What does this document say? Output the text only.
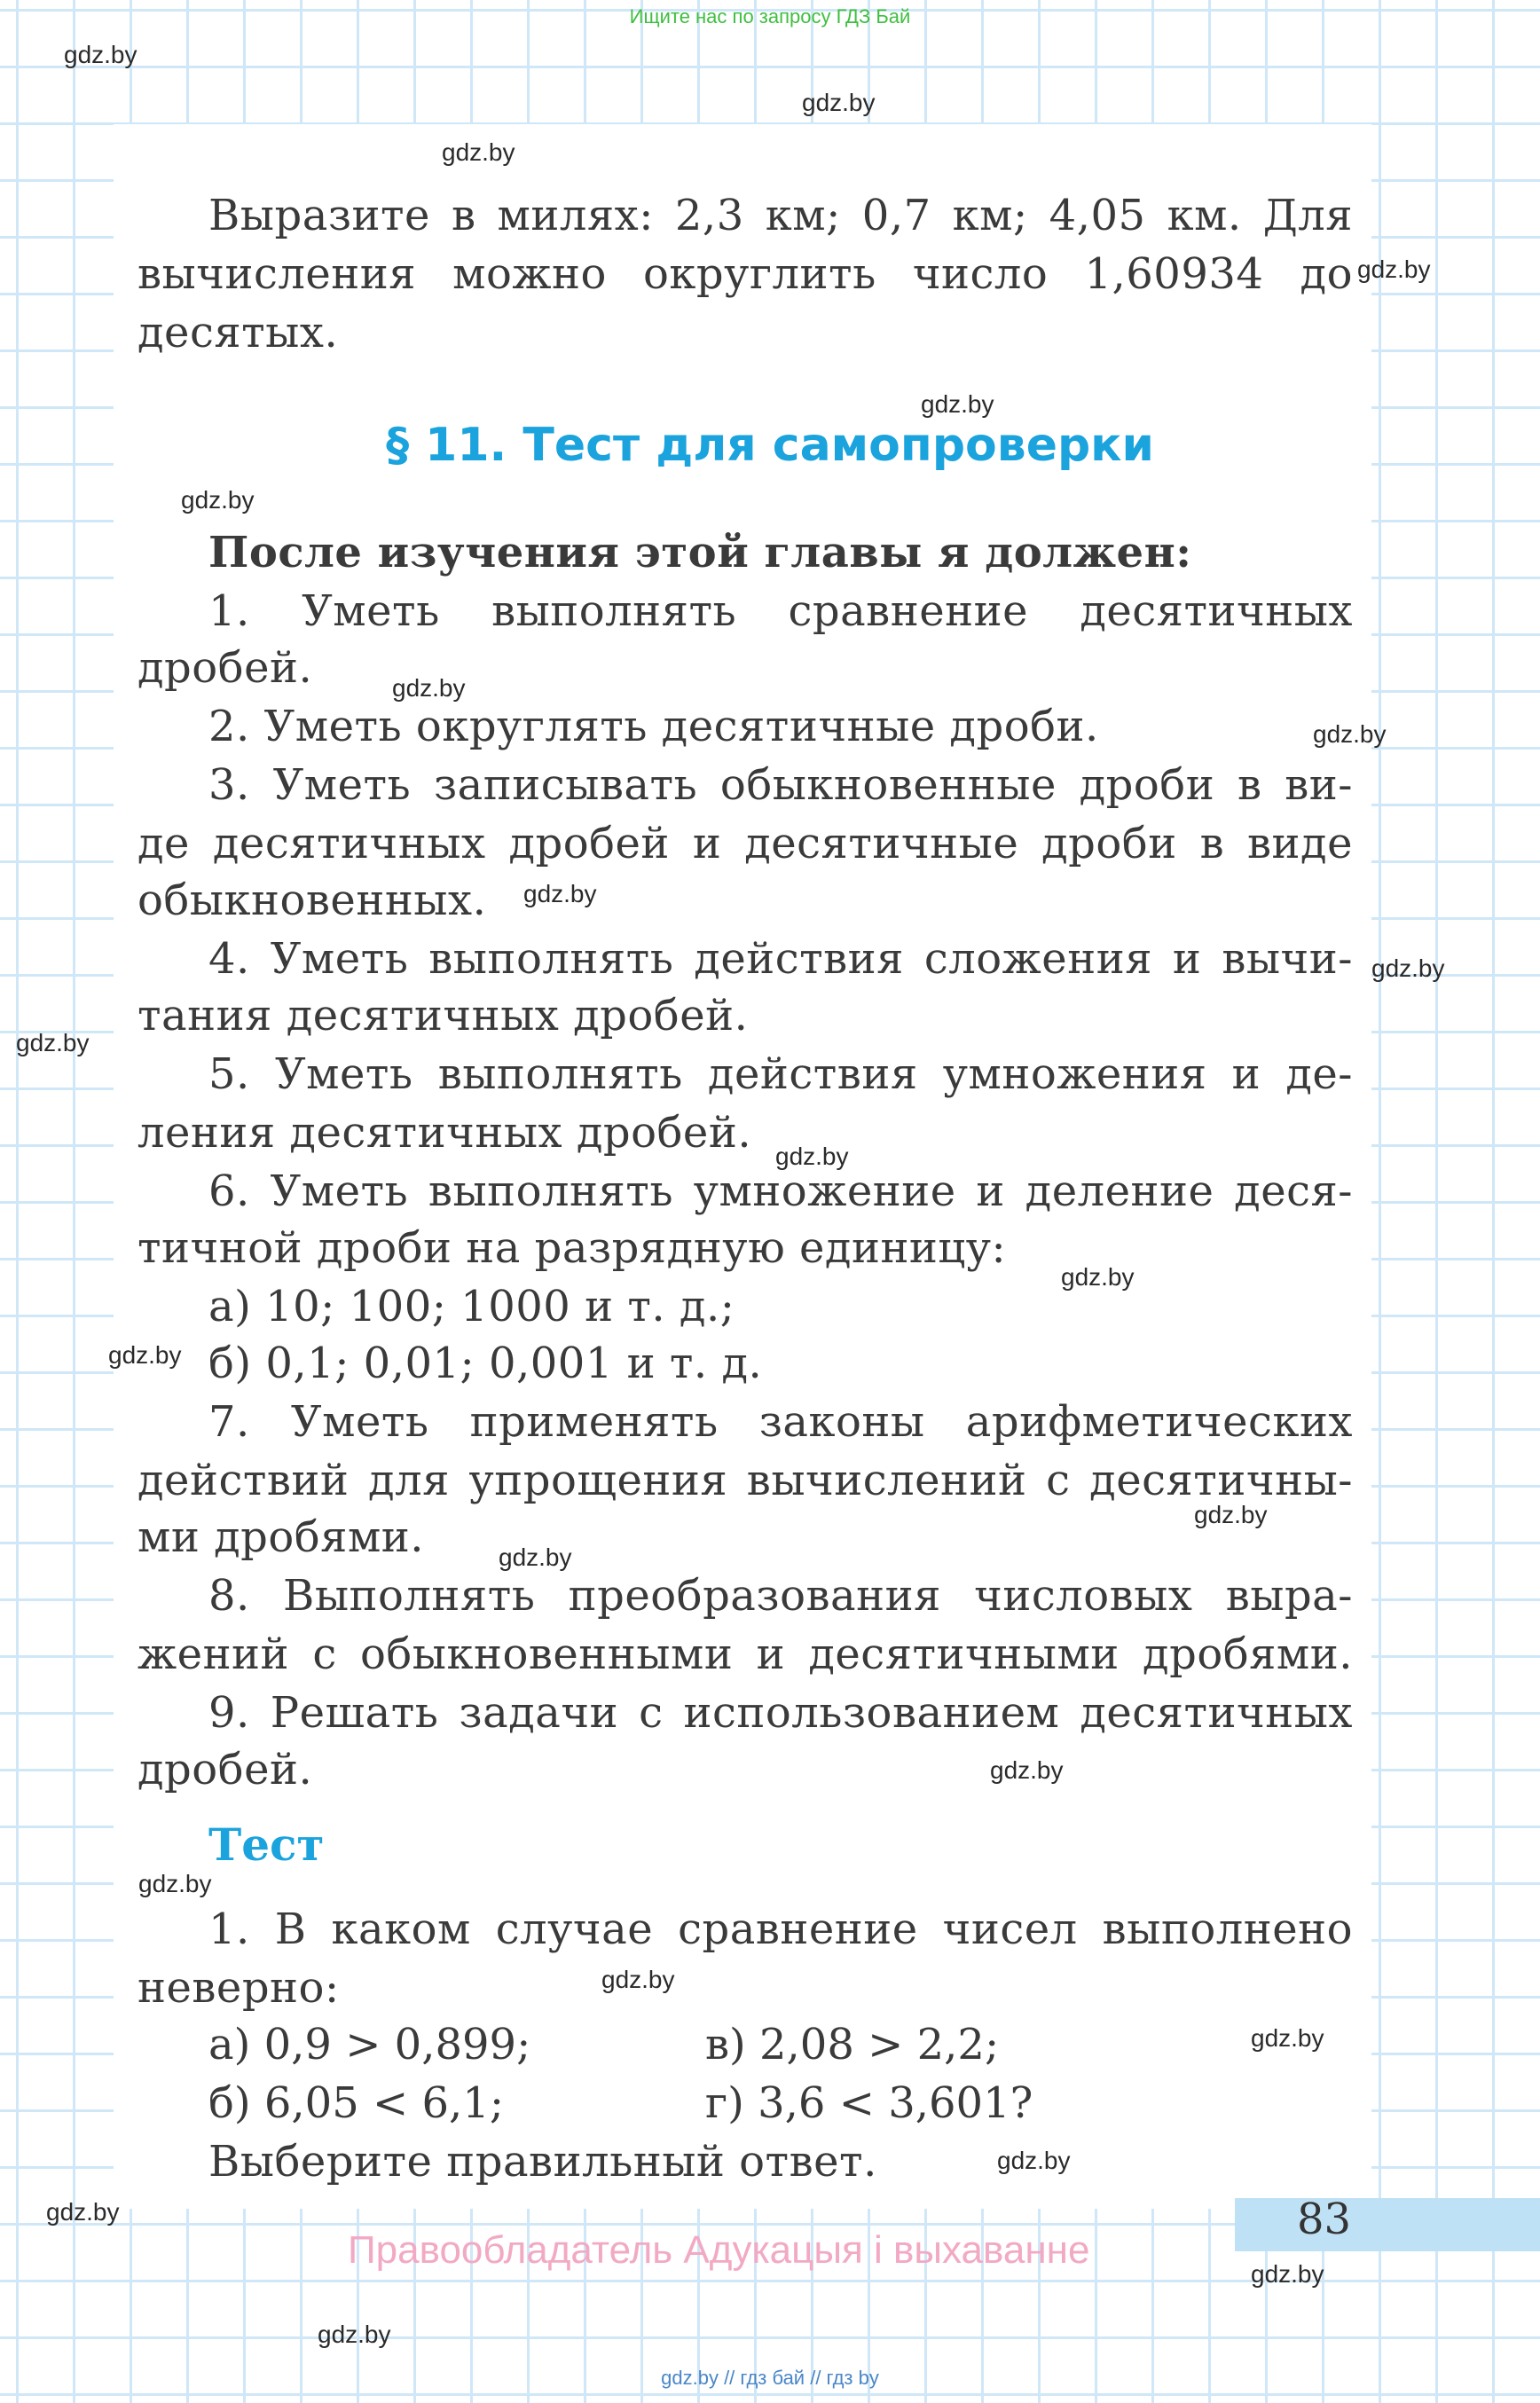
Ищите нас по запросу ГДЗ Бай
Выразите в милях: 2,3 км; 0,7 км; 4,05 км. Для
вычисления можно округлить число 1,60934 до
десятых.
§ 11. Тест для самопроверки
После изучения этой главы я должен:
1. Уметь выполнять сравнение десятичных
дробей.
2. Уметь округлять десятичные дроби.
3. Уметь записывать обыкновенные дроби в ви-
де десятичных дробей и десятичные дроби в виде
обыкновенных.
4. Уметь выполнять действия сложения и вычи-
тания десятичных дробей.
5. Уметь выполнять действия умножения и де-
ления десятичных дробей.
6. Уметь выполнять умножение и деление деся-
тичной дроби на разрядную единицу:
а) 10; 100; 1000 и т. д.;
б) 0,1; 0,01; 0,001 и т. д.
7. Уметь применять законы арифметических
действий для упрощения вычислений с десятичны-
ми дробями.
8. Выполнять преобразования числовых выра-
жений с обыкновенными и десятичными дробями.
9. Решать задачи с использованием десятичных
дробей.
Тест
1. В каком случае сравнение чисел выполнено
неверно:
а) 0,9 > 0,899;	в) 2,08 > 2,2;
б) 6,05 < 6,1;	г) 3,6 < 3,601?
Выберите правильный ответ.
83
Правообладатель Адукацыя і выхаванне
gdz.by // гдз бай // гдз by
gdz.by
gdz.by
gdz.by
gdz.by
gdz.by
gdz.by
gdz.by
gdz.by
gdz.by
gdz.by
gdz.by
gdz.by
gdz.by
gdz.by
gdz.by
gdz.by
gdz.by
gdz.by
gdz.by
gdz.by
gdz.by
gdz.by
gdz.by
gdz.by
